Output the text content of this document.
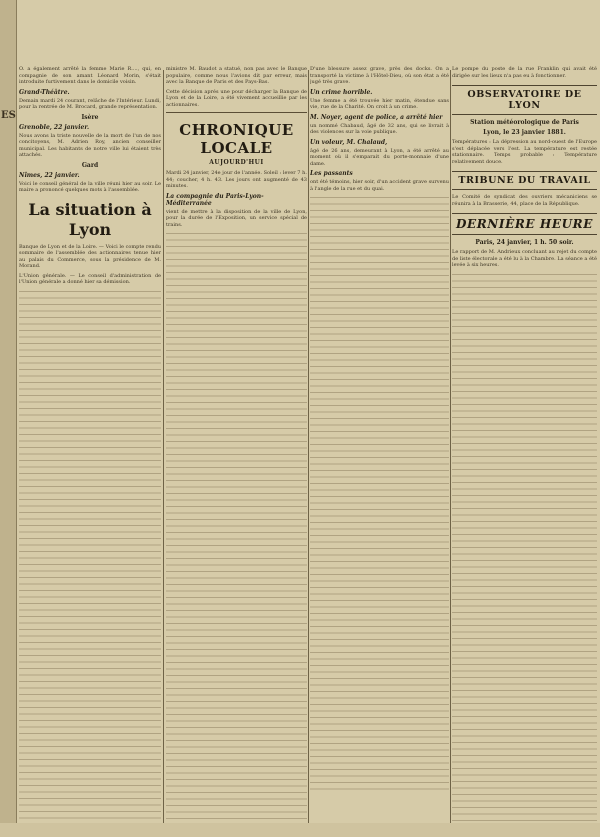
ES

O. a également arrêté la femme Marie R...., qui, en compagnie de son amant Léonard Morin, s'était introduite furtivement dans le domicile voisin.

Grand-Théâtre.

Demain mardi 24 courant, relâche de l'Intérieur. Lundi, pour la rentrée de M. Brocard, grande représentation.

Isère
Grenoble, 22 janvier.

Nous avons la triste nouvelle de la mort de l'un de nos concitoyens, M. Adrien Roy, ancien conseiller municipal. Les habitants de notre ville lui étaient très attachés.

Gard
Nîmes, 22 janvier.

Voici le conseil général de la ville réuni hier au soir. Le maire a prononcé quelques mots à l'assemblée.

La situation à Lyon

Banque de Lyon et de la Loire. — Voici le compte rendu sommaire de l'assemblée des actionnaires tenue hier au palais du Commerce, sous la présidence de M. Morand.

L'Union générale. — Le conseil d'administration de l'Union générale a donné hier sa démission.

ministre M. Baudot a statué, non pas avec le Banque populaire, comme nous l'avions dit par erreur, mais avec la Banque de Paris et des Pays-Bas.

Cette décision aprés une pour décharger la Banque de Lyon et de la Loire, a été vivement accueillie par les actionnaires.

CHRONIQUE LOCALE
AUJOURD'HUI

Mardi 24 janvier, 24e jour de l'année. Soleil : lever 7 h. 44; coucher, 4 h. 43. Les jours ont augmenté de 43 minutes.

La compagnie du Paris-Lyon-Méditerranée

vient de mettre à la disposition de la ville de Lyon, pour la durée de l'Exposition, un service spécial de trains.

D'une blessure assez grave, près des docks. On a transporté la victime à l'Hôtel-Dieu, où son état a été jugé très grave.

Un crime horrible.

Une femme a été trouvée hier matin, étendue sans vie, rue de la Charité. On croit à un crime.

M. Noyer, agent de police, a arrêté hier

un nommé Chabaud, âgé de 32 ans, qui se livrait à des violences sur la voie publique.

Un voleur, M. Chalaud,

âgé de 26 ans, demeurant à Lyon, a été arrêté au moment où il s'emparait du porte-monnaie d'une dame.

Les passants

ont été témoins, hier soir, d'un accident grave survenu à l'angle de la rue et du quai.

Le pompe du poste de la rue Franklin qui avait été dirigée sur les lieux n'a pas eu à fonctionner.

OBSERVATOIRE DE LYON
Station météorologique de Paris
Lyon, le 23 janvier 1881.

Températures : La dépression au nord-ouest de l'Europe s'est déplacée vers l'est. La température est restée stationnaire. Temps probable : Température relativement douce.

TRIBUNE DU TRAVAIL

Le Comité de syndicat des ouvriers mécaniciens se réunira à la Brasserie, 44, place de la République.

DERNIÈRE HEURE
Paris, 24 janvier, 1 h. 50 soir.

Le rapport de M. Andrieux concluant au rejet du compte de liste électorale a été lu à la Chambre. La séance a été levée à six heures.
